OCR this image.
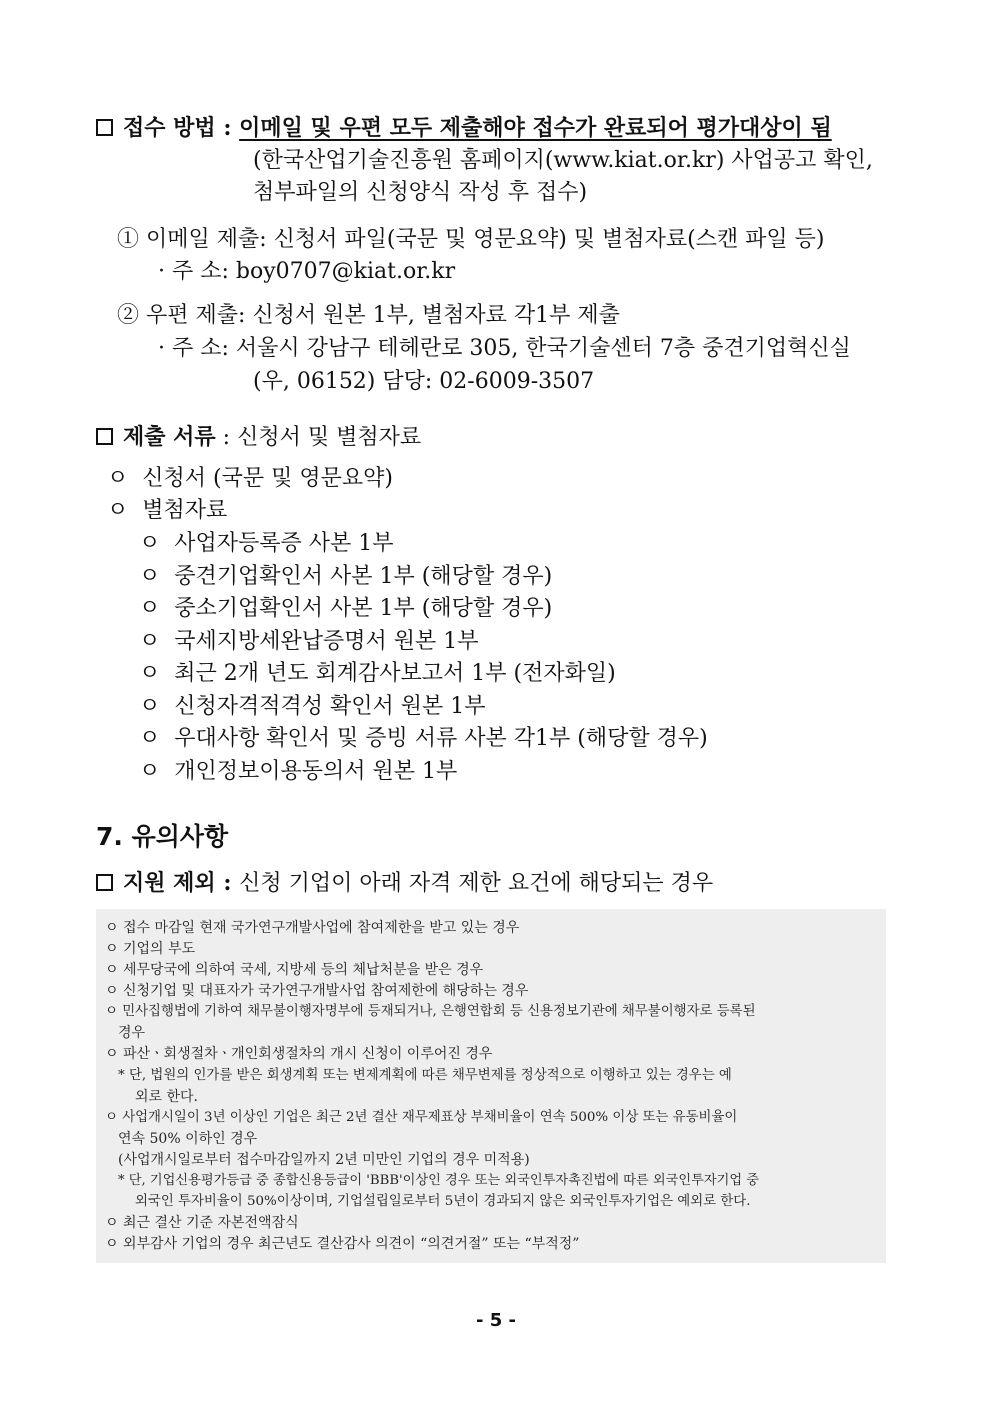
접수 방법 : 이메일 및 우편 모두 제출해야 접수가 완료되어 평가대상이 됨
(한국산업기술진흥원 홈페이지(www.kiat.or.kr) 사업공고 확인,
첨부파일의 신청양식 작성 후 접수)
① 이메일 제출: 신청서 파일(국문 및 영문요약) 및 별첨자료(스캔 파일 등)
· 주 소: boy0707@kiat.or.kr
② 우편 제출: 신청서 원본 1부, 별첨자료 각1부 제출
· 주 소: 서울시 강남구 테헤란로 305, 한국기술센터 7층 중견기업혁신실
(우, 06152) 담당: 02-6009-3507
제출 서류 : 신청서 및 별첨자료
ㅇ 신청서 (국문 및 영문요약)
ㅇ 별첨자료
ㅇ 사업자등록증 사본 1부
ㅇ 중견기업확인서 사본 1부 (해당할 경우)
ㅇ 중소기업확인서 사본 1부 (해당할 경우)
ㅇ 국세지방세완납증명서 원본 1부
ㅇ 최근 2개 년도 회계감사보고서 1부 (전자화일)
ㅇ 신청자격적격성 확인서 원본 1부
ㅇ 우대사항 확인서 및 증빙 서류 사본 각1부 (해당할 경우)
ㅇ 개인정보이용동의서 원본 1부
7. 유의사항
지원 제외 : 신청 기업이 아래 자격 제한 요건에 해당되는 경우
ㅇ 접수 마감일 현재 국가연구개발사업에 참여제한을 받고 있는 경우
ㅇ 기업의 부도
ㅇ 세무당국에 의하여 국세, 지방세 등의 체납처분을 받은 경우
ㅇ 신청기업 및 대표자가 국가연구개발사업 참여제한에 해당하는 경우
ㅇ 민사집행법에 기하여 채무불이행자명부에 등재되거나, 은행연합회 등 신용정보기관에 채무불이행자로 등록된
경우
ㅇ 파산ㆍ회생절차ㆍ개인회생절차의 개시 신청이 이루어진 경우
* 단, 법원의 인가를 받은 회생계획 또는 변제계획에 따른 채무변제를 정상적으로 이행하고 있는 경우는 예
외로 한다.
ㅇ 사업개시일이 3년 이상인 기업은 최근 2년 결산 재무제표상 부채비율이 연속 500% 이상 또는 유동비율이
연속 50% 이하인 경우
(사업개시일로부터 접수마감일까지 2년 미만인 기업의 경우 미적용)
* 단, 기업신용평가등급 중 종합신용등급이 'BBB'이상인 경우 또는 외국인투자촉진법에 따른 외국인투자기업 중
외국인 투자비율이 50%이상이며, 기업설립일로부터 5년이 경과되지 않은 외국인투자기업은 예외로 한다.
ㅇ 최근 결산 기준 자본전액잠식
ㅇ 외부감사 기업의 경우 최근년도 결산감사 의견이 “의견거절” 또는 “부적정”
- 5 -
